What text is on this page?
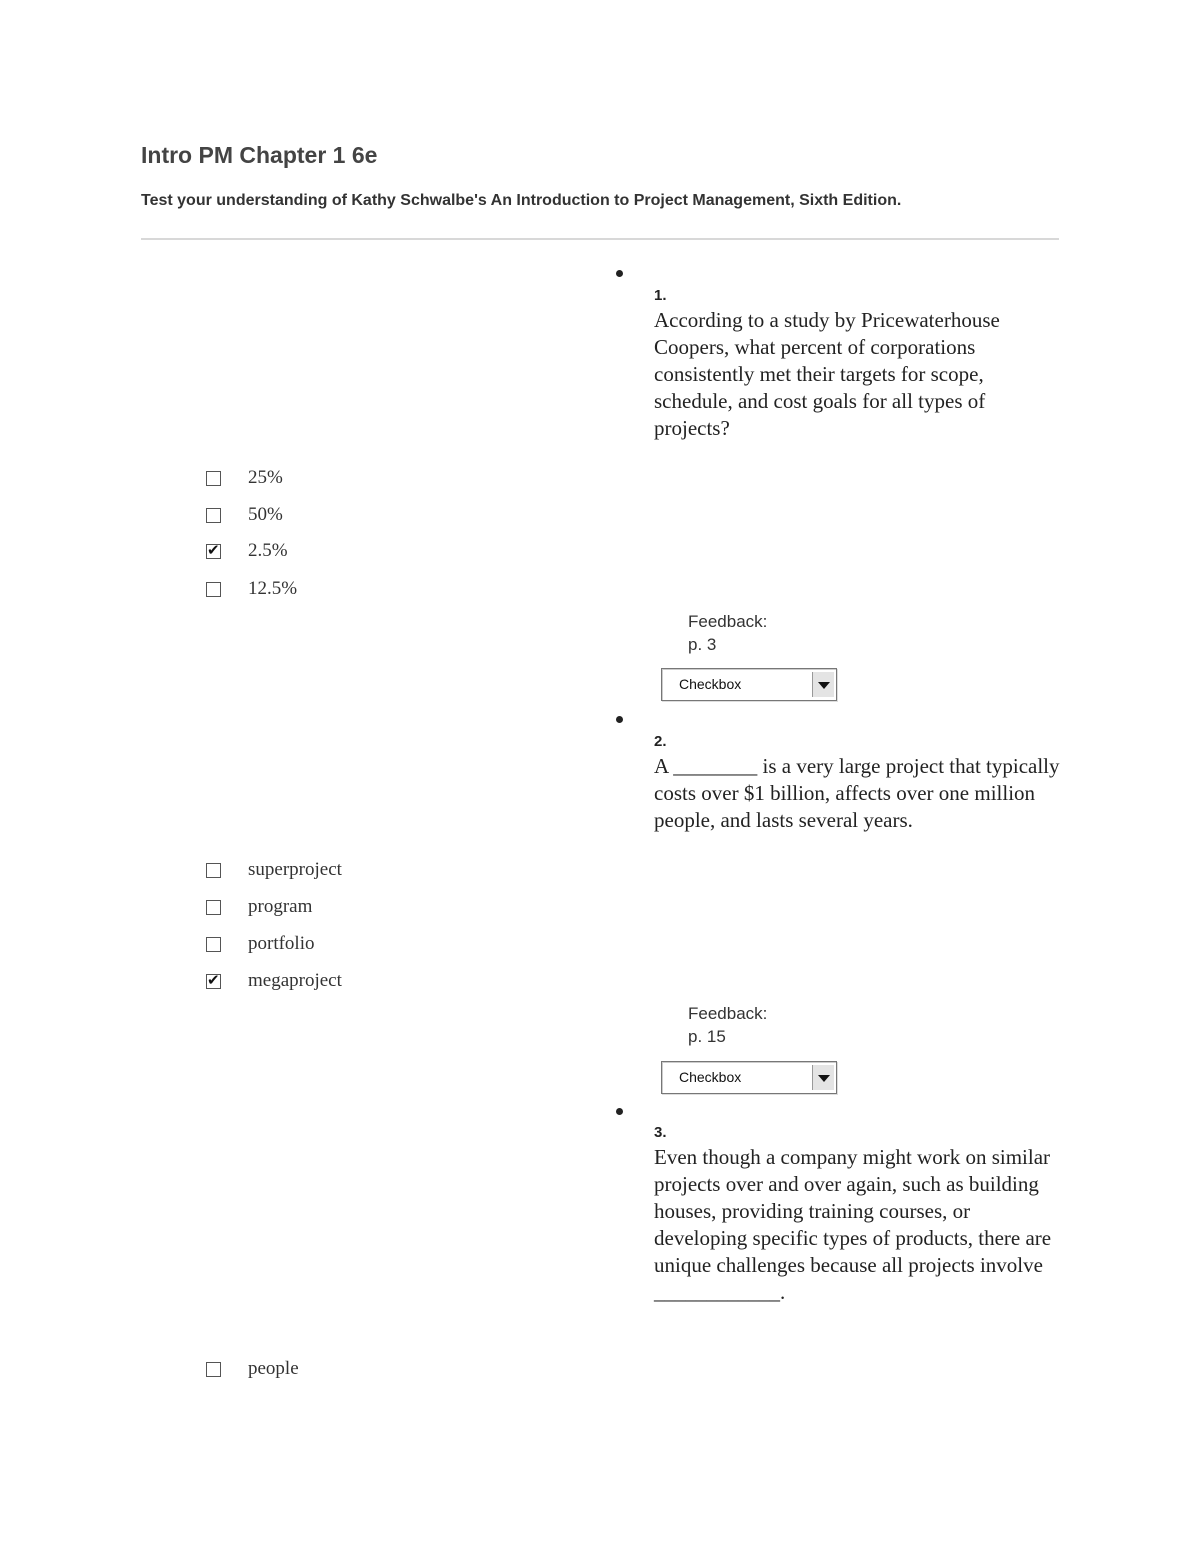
Intro PM Chapter 1 6e

Test your understanding of Kathy Schwalbe's An Introduction to Project Management, Sixth Edition.

1.
According to a study by Pricewaterhouse Coopers, what percent of corporations consistently met their targets for scope, schedule, and cost goals for all types of projects?
25%
50%
✔
2.5%
12.5%
Feedback:
p. 3
Checkbox
2.
A ________ is a very large project that typically costs over $1 billion, affects over one million people, and lasts several years.
superproject
program
portfolio
✔
megaproject
Feedback:
p. 15
Checkbox
3.
Even though a company might work on similar projects over and over again, such as building houses, providing training courses, or developing specific types of products, there are unique challenges because all projects involve ____________.
people
